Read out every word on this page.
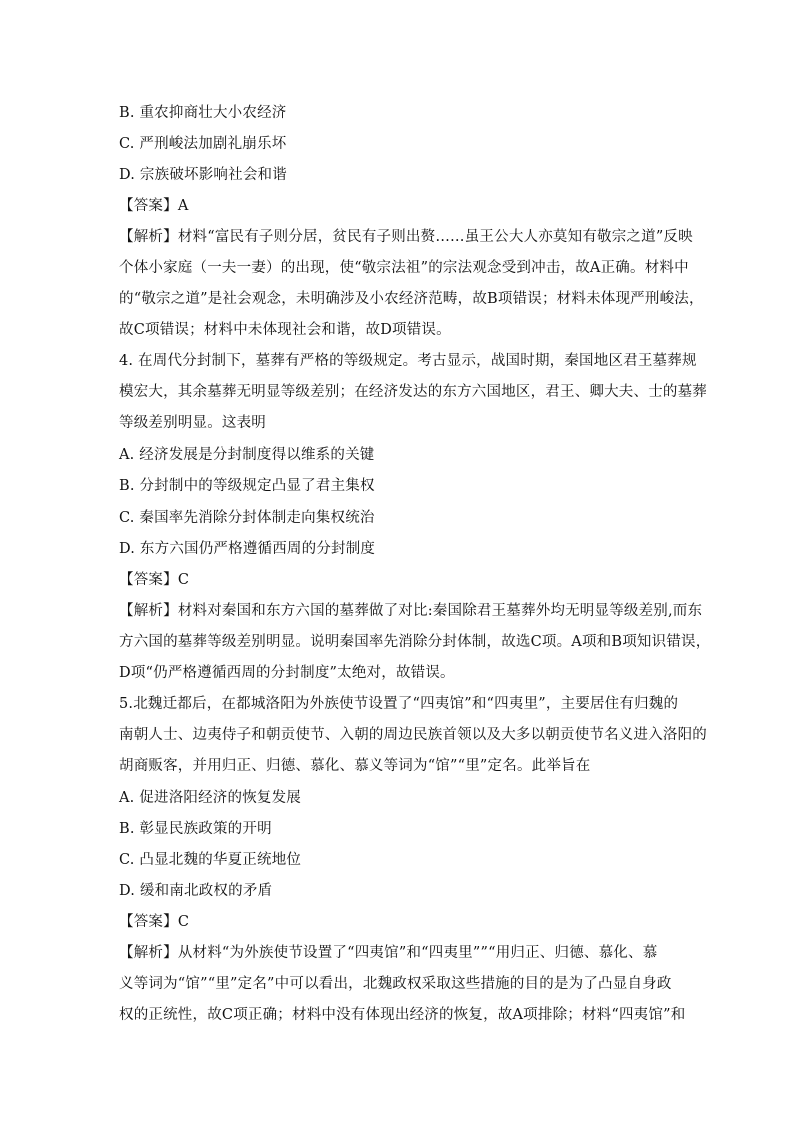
B. 重农抑商壮大小农经济
C. 严刑峻法加剧礼崩乐坏
D. 宗族破坏影响社会和谐
【答案】A
【解析】材料“富民有子则分居，贫民有子则出赘……虽王公大人亦莫知有敬宗之道”反映
个体小家庭（一夫一妻）的出现，使“敬宗法祖”的宗法观念受到冲击，故A正确。材料中
的“敬宗之道”是社会观念，未明确涉及小农经济范畴，故B项错误；材料未体现严刑峻法，
故C项错误；材料中未体现社会和谐，故D项错误。
4. 在周代分封制下，墓葬有严格的等级规定。考古显示，战国时期，秦国地区君王墓葬规
模宏大，其余墓葬无明显等级差别；在经济发达的东方六国地区，君王、卿大夫、士的墓葬
等级差别明显。这表明
A. 经济发展是分封制度得以维系的关键
B. 分封制中的等级规定凸显了君主集权
C. 秦国率先消除分封体制走向集权统治
D. 东方六国仍严格遵循西周的分封制度
【答案】C
【解析】材料对秦国和东方六国的墓葬做了对比:秦国除君王墓葬外均无明显等级差别,而东
方六国的墓葬等级差别明显。说明秦国率先消除分封体制，故选C项。A项和B项知识错误，
D项“仍严格遵循西周的分封制度”太绝对，故错误。
5.北魏迁都后，在都城洛阳为外族使节设置了“四夷馆”和“四夷里”，主要居住有归魏的
南朝人士、边夷侍子和朝贡使节、入朝的周边民族首领以及大多以朝贡使节名义进入洛阳的
胡商贩客，并用归正、归德、慕化、慕义等词为“馆”“里”定名。此举旨在
A. 促进洛阳经济的恢复发展
B. 彰显民族政策的开明
C. 凸显北魏的华夏正统地位
D. 缓和南北政权的矛盾
【答案】C
【解析】从材料“为外族使节设置了“四夷馆”和“四夷里””“用归正、归德、慕化、慕
义等词为“馆”“里”定名”中可以看出，北魏政权采取这些措施的目的是为了凸显自身政
权的正统性，故C项正确；材料中没有体现出经济的恢复，故A项排除；材料“四夷馆”和
